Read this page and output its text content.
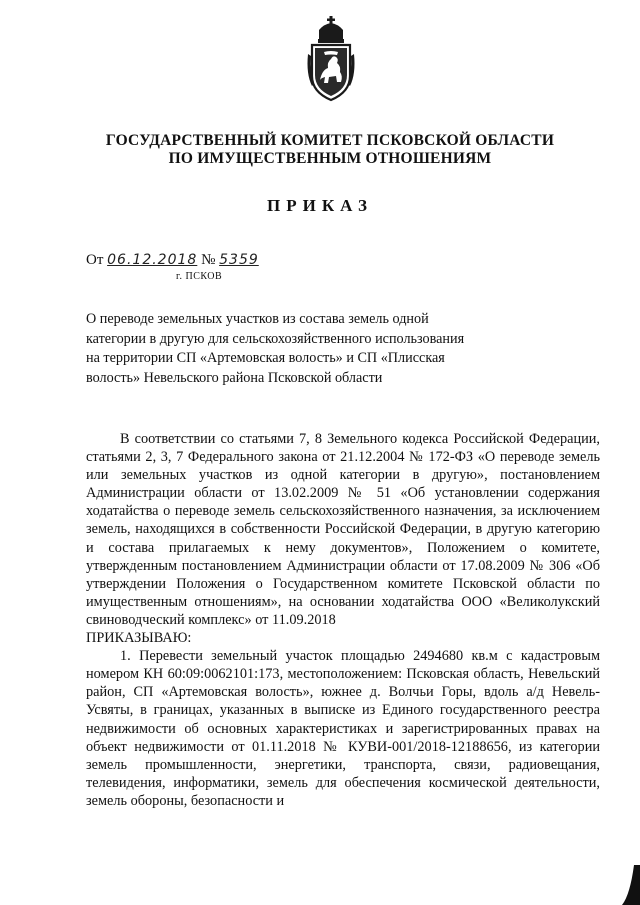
ГОСУДАРСТВЕННЫЙ КОМИТЕТ ПСКОВСКОЙ ОБЛАСТИ
ПО ИМУЩЕСТВЕННЫМ ОТНОШЕНИЯМ
ПРИКАЗ
От 06.12.2018 № 5359
г. ПСКОВ
О переводе земельных участков из состава земель одной категории в другую для сельскохозяйственного использования на территории СП «Артемовская волость» и СП «Плисская волость» Невельского района Псковской области

В соответствии со статьями 7, 8 Земельного кодекса Российской Федерации, статьями 2, 3, 7 Федерального закона от 21.12.2004 № 172-ФЗ «О переводе земель или земельных участков из одной категории в другую», постановлением Администрации области от 13.02.2009 № 51 «Об установлении содержания ходатайства о переводе земель сельскохозяйственного назначения, за исключением земель, находящихся в собственности Российской Федерации, в другую категорию и состава прилагаемых к нему документов», Положением о комитете, утвержденным постановлением Администрации области от 17.08.2009 № 306 «Об утверждении Положения о Государственном комитете Псковской области по имущественным отношениям», на основании ходатайства ООО «Великолукский свиноводческий комплекс» от 11.09.2018

ПРИКАЗЫВАЮ:

1. Перевести земельный участок площадью 2494680 кв.м с кадастровым номером КН 60:09:0062101:173, местоположением: Псковская область, Невельский район, СП «Артемовская волость», южнее д. Волчьи Горы, вдоль а/д Невель-Усвяты, в границах, указанных в выписке из Единого государственного реестра недвижимости об основных характеристиках и зарегистрированных правах на объект недвижимости от 01.11.2018 № КУВИ-001/2018-12188656, из категории земель промышленности, энергетики, транспорта, связи, радиовещания, телевидения, информатики, земель для обеспечения космической деятельности, земель обороны, безопасности и
